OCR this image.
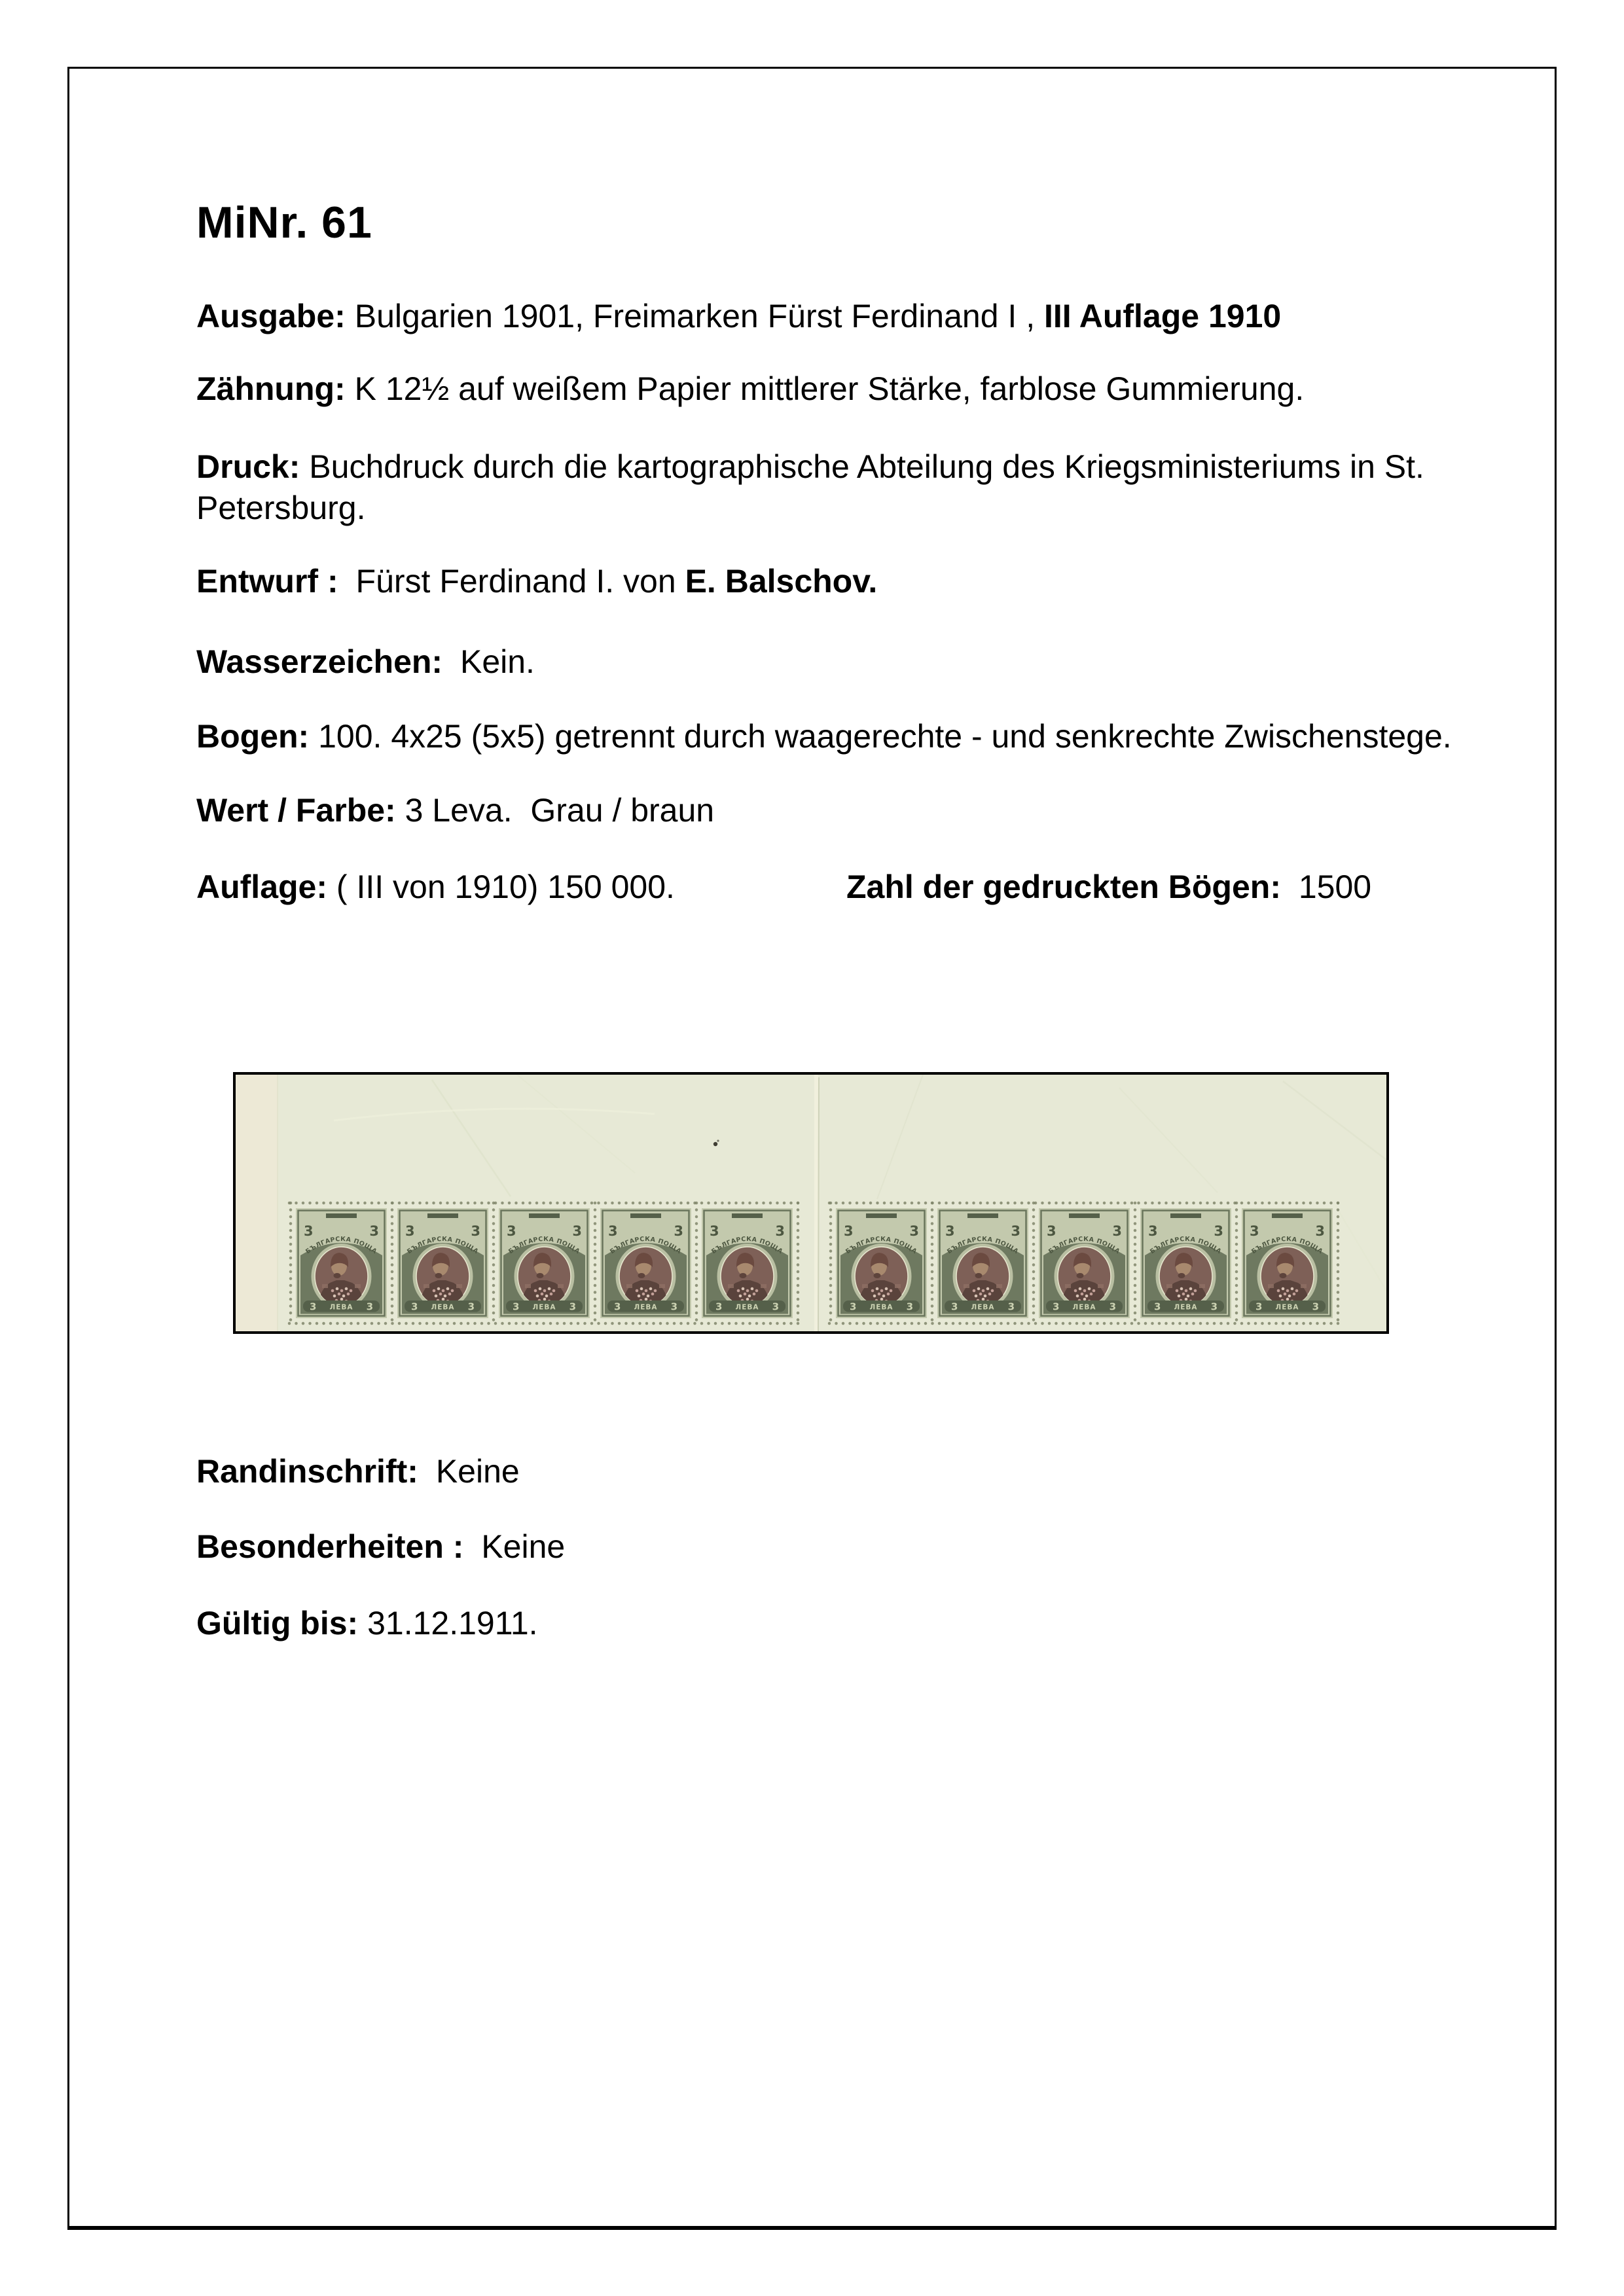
MiNr. 61

Ausgabe: Bulgarien 1901, Freimarken Fürst Ferdinand I , III Auflage 1910

Zähnung: K 12½ auf weißem Papier mittlerer Stärke, farblose Gummierung.

Druck: Buchdruck durch die kartographische Abteilung des Kriegsministeriums in St.
Petersburg.

Entwurf : Fürst Ferdinand I. von E. Balschov.

Wasserzeichen: Kein.

Bogen: 100. 4x25 (5x5) getrennt durch waagerechte - und senkrechte Zwischenstege.

Wert / Farbe: 3 Leva.  Grau / braun

Auflage: ( III von 1910) 150 000.	Zahl der gedruckten Bögen: 1500

Randinschrift: Keine

Besonderheiten : Keine

Gültig bis: 31.12.1911.
